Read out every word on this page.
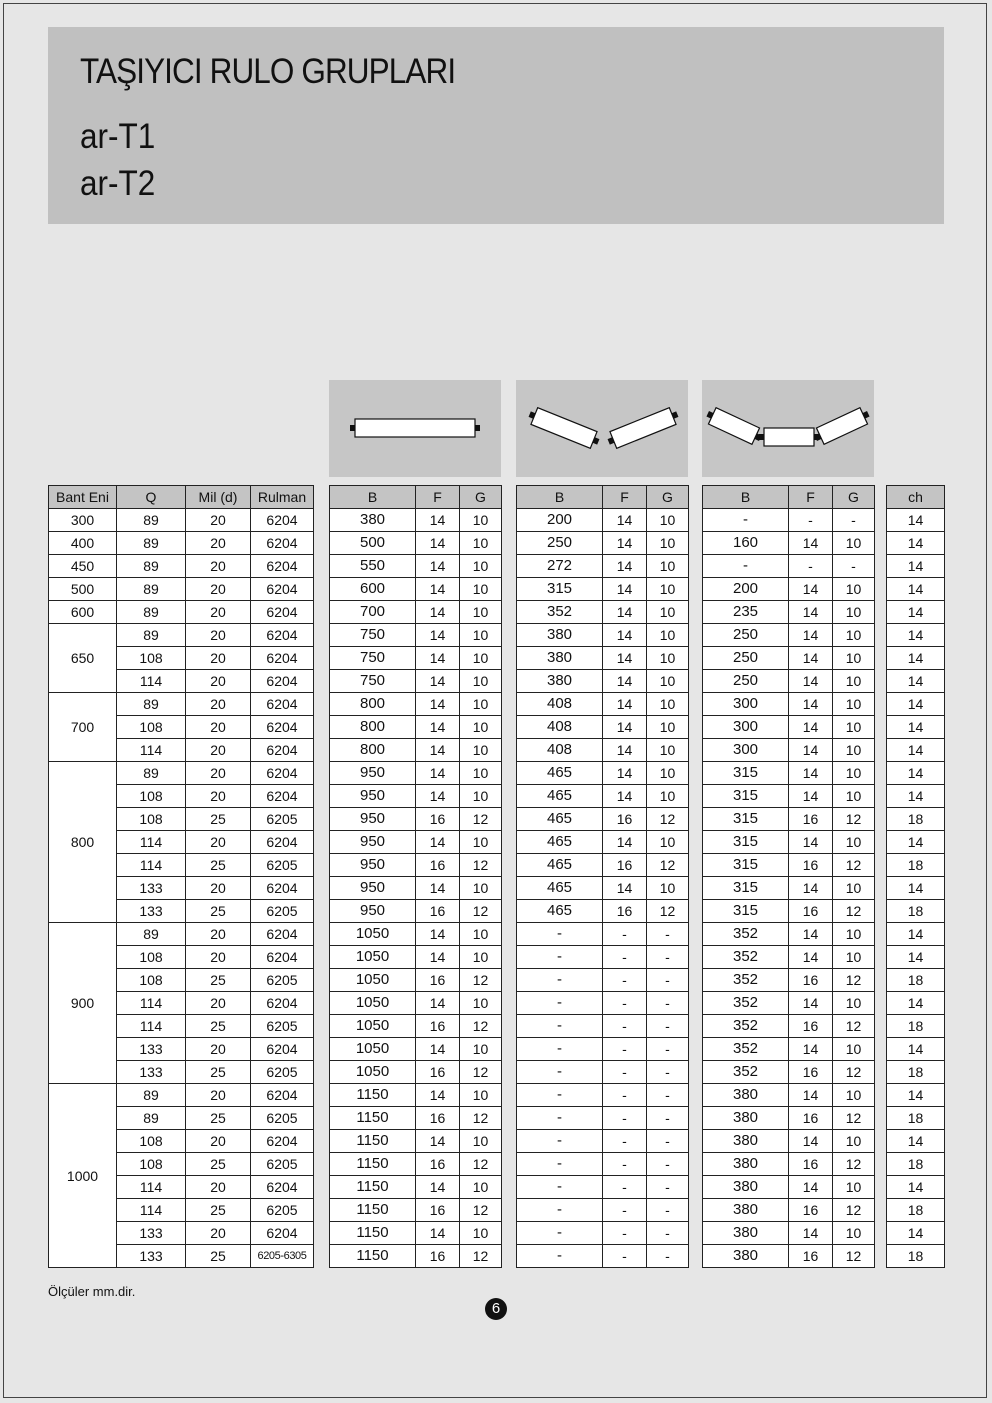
TAŞIYICI RULO GRUPLARI
ar-T1
ar-T2
Bant Eni	Q	Mil (d)	Rulman
300	89	20	6204
400	89	20	6204
450	89	20	6204
500	89	20	6204
600	89	20	6204
650	89	20	6204
	108	20	6204
	114	20	6204
700	89	20	6204
	108	20	6204
	114	20	6204
800	89	20	6204
	108	20	6204
	108	25	6205
	114	20	6204
	114	25	6205
	133	20	6204
	133	25	6205
900	89	20	6204
	108	20	6204
	108	25	6205
	114	20	6204
	114	25	6205
	133	20	6204
	133	25	6205
1000	89	20	6204
	89	25	6205
	108	20	6204
	108	25	6205
	114	20	6204
	114	25	6205
	133	20	6204
	133	25	6205-6305
B	F	G
380	14	10
500	14	10
550	14	10
600	14	10
700	14	10
750	14	10
750	14	10
750	14	10
800	14	10
800	14	10
800	14	10
950	14	10
950	14	10
950	16	12
950	14	10
950	16	12
950	14	10
950	16	12
1050	14	10
1050	14	10
1050	16	12
1050	14	10
1050	16	12
1050	14	10
1050	16	12
1150	14	10
1150	16	12
1150	14	10
1150	16	12
1150	14	10
1150	16	12
1150	14	10
1150	16	12
B	F	G
200	14	10
250	14	10
272	14	10
315	14	10
352	14	10
380	14	10
380	14	10
380	14	10
408	14	10
408	14	10
408	14	10
465	14	10
465	14	10
465	16	12
465	14	10
465	16	12
465	14	10
465	16	12
-	-	-
-	-	-
-	-	-
-	-	-
-	-	-
-	-	-
-	-	-
-	-	-
-	-	-
-	-	-
-	-	-
-	-	-
-	-	-
-	-	-
-	-	-
B	F	G
-	-	-
160	14	10
-	-	-
200	14	10
235	14	10
250	14	10
250	14	10
250	14	10
300	14	10
300	14	10
300	14	10
315	14	10
315	14	10
315	16	12
315	14	10
315	16	12
315	14	10
315	16	12
352	14	10
352	14	10
352	16	12
352	14	10
352	16	12
352	14	10
352	16	12
380	14	10
380	16	12
380	14	10
380	16	12
380	14	10
380	16	12
380	14	10
380	16	12
ch
14
14
14
14
14
14
14
14
14
14
14
14
14
18
14
18
14
18
14
14
18
14
18
14
18
14
18
14
18
14
18
14
18
Ölçüler mm.dir.
6
